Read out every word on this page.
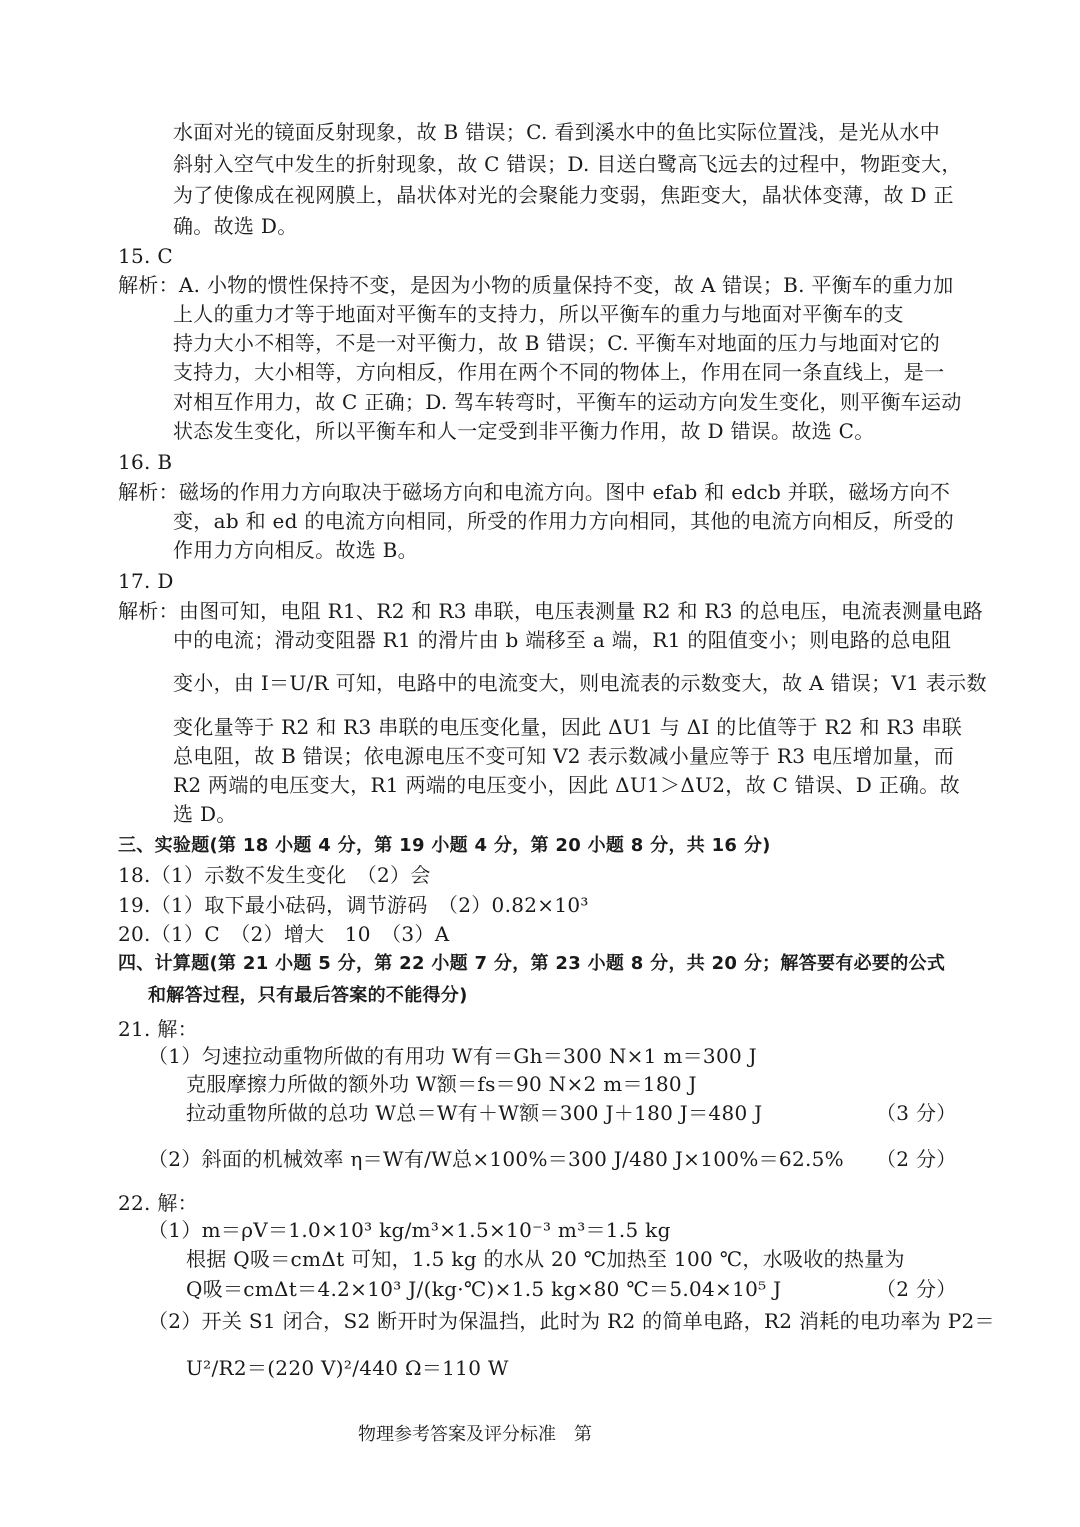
水面对光的镜面反射现象，故 B 错误；C. 看到溪水中的鱼比实际位置浅，是光从水中
斜射入空气中发生的折射现象，故 C 错误；D. 目送白鹭高飞远去的过程中，物距变大，
为了使像成在视网膜上，晶状体对光的会聚能力变弱，焦距变大，晶状体变薄，故 D 正
确。故选 D。
15. C
解析：A. 小物的惯性保持不变，是因为小物的质量保持不变，故 A 错误；B. 平衡车的重力加
上人的重力才等于地面对平衡车的支持力，所以平衡车的重力与地面对平衡车的支
持力大小不相等，不是一对平衡力，故 B 错误；C. 平衡车对地面的压力与地面对它的
支持力，大小相等，方向相反，作用在两个不同的物体上，作用在同一条直线上，是一
对相互作用力，故 C 正确；D. 驾车转弯时，平衡车的运动方向发生变化，则平衡车运动
状态发生变化，所以平衡车和人一定受到非平衡力作用，故 D 错误。故选 C。
16. B
解析：磁场的作用力方向取决于磁场方向和电流方向。图中 efab 和 edcb 并联，磁场方向不
变，ab 和 ed 的电流方向相同，所受的作用力方向相同，其他的电流方向相反，所受的
作用力方向相反。故选 B。
17. D
解析：由图可知，电阻 R1、R2 和 R3 串联，电压表测量 R2 和 R3 的总电压，电流表测量电路
中的电流；滑动变阻器 R1 的滑片由 b 端移至 a 端，R1 的阻值变小；则电路的总电阻
变小，由 I＝U/R 可知，电路中的电流变大，则电流表的示数变大，故 A 错误；V1 表示数
变化量等于 R2 和 R3 串联的电压变化量，因此 ΔU1 与 ΔI 的比值等于 R2 和 R3 串联
总电阻，故 B 错误；依电源电压不变可知 V2 表示数减小量应等于 R3 电压增加量，而
R2 两端的电压变大，R1 两端的电压变小，因此 ΔU1＞ΔU2，故 C 错误、D 正确。故
选 D。
三、实验题(第 18 小题 4 分，第 19 小题 4 分，第 20 小题 8 分，共 16 分)
18.（1）示数不发生变化　（2）会
19.（1）取下最小砝码，调节游码　（2）0.82×10³
20.（1）C　（2）增大　10　（3）A
四、计算题(第 21 小题 5 分，第 22 小题 7 分，第 23 小题 8 分，共 20 分；解答要有必要的公式
和解答过程，只有最后答案的不能得分)
21. 解：
（1）匀速拉动重物所做的有用功 W有＝Gh＝300 N×1 m＝300 J
克服摩擦力所做的额外功 W额＝fs＝90 N×2 m＝180 J
拉动重物所做的总功 W总＝W有＋W额＝300 J＋180 J＝480 J	（3 分）
（2）斜面的机械效率 η＝W有/W总×100%＝300 J/480 J×100%＝62.5% （2 分）
22. 解：
（1）m＝ρV＝1.0×10³ kg/m³×1.5×10⁻³ m³＝1.5 kg
根据 Q吸＝cmΔt 可知，1.5 kg 的水从 20 ℃加热至 100 ℃，水吸收的热量为
Q吸＝cmΔt＝4.2×10³ J/(kg·℃)×1.5 kg×80 ℃＝5.04×10⁵ J	（2 分）
（2）开关 S1 闭合，S2 断开时为保温挡，此时为 R2 的简单电路，R2 消耗的电功率为 P2＝
U²/R2＝(220 V)²/440 Ω＝110 W
物理参考答案及评分标准　第
